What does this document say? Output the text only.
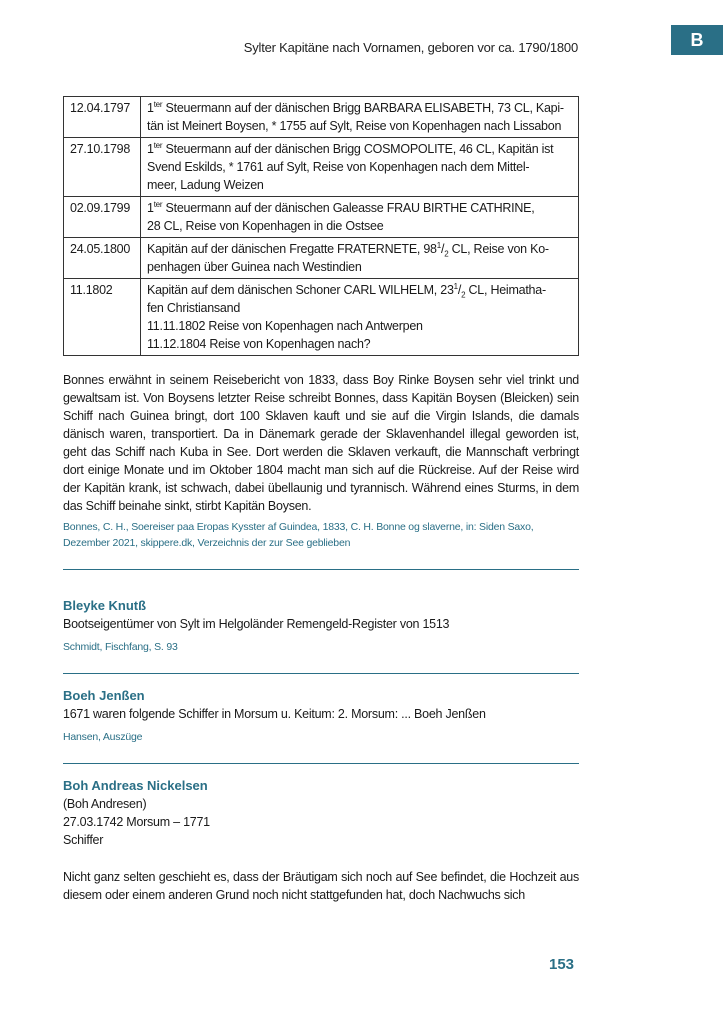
Sylter Kapitäne nach Vornamen, geboren vor ca. 1790/1800	B
12.04.1797	$1^{ter}$ Steuermann auf der dänischen Brigg BARBARA ELISABETH, 73 CL, Kapi-
tän ist Meinert Boysen, * 1755 auf Sylt, Reise von Kopenhagen nach Lissabon

27.10.1798	$1^{ter}$ Steuermann auf der dänischen Brigg COSMOPOLITE, 46 CL, Kapitän ist
Svend Eskilds, * 1761 auf Sylt, Reise von Kopenhagen nach dem Mittel-
meer, Ladung Weizen

02.09.1799	$1^{ter}$ Steuermann auf der dänischen Galeasse FRAU BIRTHE CATHRINE,
28 CL, Reise von Kopenhagen in die Ostsee

24.05.1800	Kapitän auf der dänischen Fregatte FRATERNETE, $98^1/_2$ CL, Reise von Ko-
penhagen über Guinea nach Westindien

11.1802	Kapitän auf dem dänischen Schoner CARL WILHELM, $23^1/_2$ CL, Heimatha-
fen Christiansand
11.11.1802 Reise von Kopenhagen nach Antwerpen
11.12.1804 Reise von Kopenhagen nach?

Bonnes erwähnt in seinem Reisebericht von 1833, dass Boy Rinke Boysen sehr viel trinkt und gewaltsam ist. Von Boysens letzter Reise schreibt Bonnes, dass Kapitän Boysen (Bleicken) sein Schiff nach Guinea bringt, dort 100 Sklaven kauft und sie auf die Virgin Islands, die damals dänisch waren, transportiert. Da in Dänemark gerade der Sklavenhandel illegal geworden ist, geht das Schiff nach Kuba in See. Dort werden die Sklaven verkauft, die Mannschaft verbringt dort einige Monate und im Oktober 1804 macht man sich auf die Rückreise. Auf der Reise wird der Kapitän krank, ist schwach, dabei übellaunig und tyrannisch. Während eines Sturms, in dem das Schiff beinahe sinkt, stirbt Kapitän Boysen.

Bonnes, C. H., Soereiser paa Eropas Kysster af Guindea, 1833, C. H. Bonne og slaverne, in: Siden Saxo, Dezember 2021, skippere.dk, Verzeichnis der zur See geblieben

Bleyke Knutß

Bootseigentümer von Sylt im Helgoländer Remengeld-Register von 1513

Schmidt, Fischfang, S. 93

Boeh Jenßen

1671 waren folgende Schiffer in Morsum u. Keitum: 2. Morsum: ... Boeh Jenßen

Hansen, Auszüge

Boh Andreas Nickelsen

(Boh Andresen)

27.03.1742 Morsum – 1771

Schiffer

Nicht ganz selten geschieht es, dass der Bräutigam sich noch auf See befindet, die Hochzeit aus diesem oder einem anderen Grund noch nicht stattgefunden hat, doch Nachwuchs sich

153
